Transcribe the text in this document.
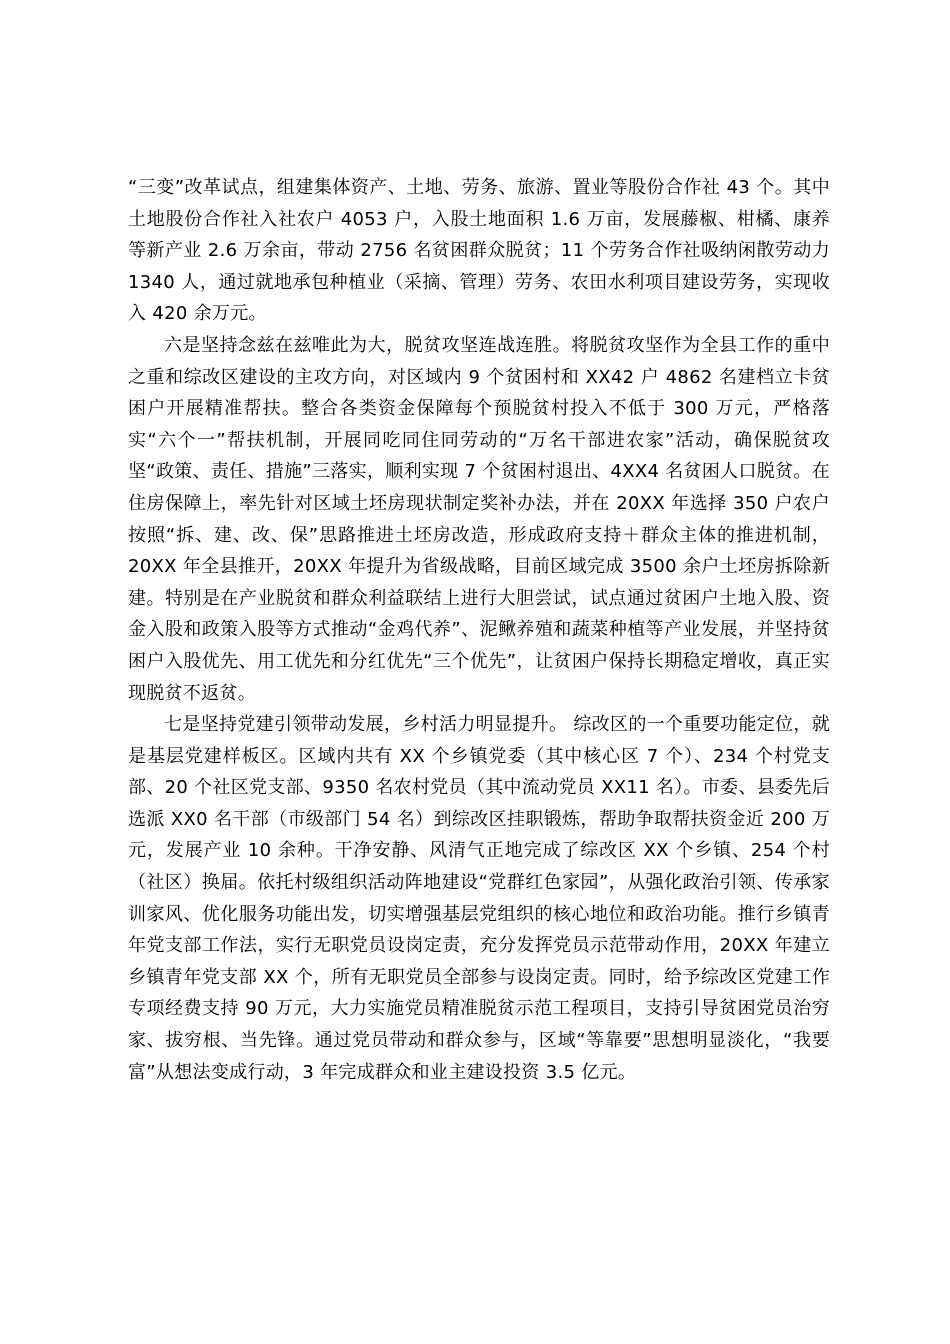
“三变”改革试点，组建集体资产、土地、劳务、旅游、置业等股份合作社 43 个。其中土地股份合作社入社农户 4053 户，入股土地面积 1.6 万亩，发展藤椒、柑橘、康养等新产业 2.6 万余亩，带动 2756 名贫困群众脱贫；11 个劳务合作社吸纳闲散劳动力 1340 人，通过就地承包种植业（采摘、管理）劳务、农田水利项目建设劳务，实现收入 420 余万元。

六是坚持念兹在兹唯此为大，脱贫攻坚连战连胜。将脱贫攻坚作为全县工作的重中之重和综改区建设的主攻方向，对区域内 9 个贫困村和 XX42 户 4862 名建档立卡贫困户开展精准帮扶。整合各类资金保障每个预脱贫村投入不低于 300 万元，严格落实“六个一”帮扶机制，开展同吃同住同劳动的“万名干部进农家”活动，确保脱贫攻坚“政策、责任、措施”三落实，顺利实现 7 个贫困村退出、4XX4 名贫困人口脱贫。在住房保障上，率先针对区域土坯房现状制定奖补办法，并在 20XX 年选择 350 户农户按照“拆、建、改、保”思路推进土坯房改造，形成政府支持＋群众主体的推进机制，20XX 年全县推开，20XX 年提升为省级战略，目前区域完成 3500 余户土坯房拆除新建。特别是在产业脱贫和群众利益联结上进行大胆尝试，试点通过贫困户土地入股、资金入股和政策入股等方式推动“金鸡代养”、泥鳅养殖和蔬菜种植等产业发展，并坚持贫困户入股优先、用工优先和分红优先“三个优先”，让贫困户保持长期稳定增收，真正实现脱贫不返贫。

七是坚持党建引领带动发展，乡村活力明显提升。 综改区的一个重要功能定位，就是基层党建样板区。区域内共有 XX 个乡镇党委（其中核心区 7 个）、234 个村党支部、20 个社区党支部、9350 名农村党员（其中流动党员 XX11 名）。市委、县委先后选派 XX0 名干部（市级部门 54 名）到综改区挂职锻炼，帮助争取帮扶资金近 200 万元，发展产业 10 余种。干净安静、风清气正地完成了综改区 XX 个乡镇、254 个村（社区）换届。依托村级组织活动阵地建设“党群红色家园”，从强化政治引领、传承家训家风、优化服务功能出发，切实增强基层党组织的核心地位和政治功能。推行乡镇青年党支部工作法，实行无职党员设岗定责，充分发挥党员示范带动作用，20XX 年建立乡镇青年党支部 XX 个，所有无职党员全部参与设岗定责。同时，给予综改区党建工作专项经费支持 90 万元，大力实施党员精准脱贫示范工程项目，支持引导贫困党员治穷家、拔穷根、当先锋。通过党员带动和群众参与，区域“等靠要”思想明显淡化，“我要富”从想法变成行动，3 年完成群众和业主建设投资 3.5 亿元。
